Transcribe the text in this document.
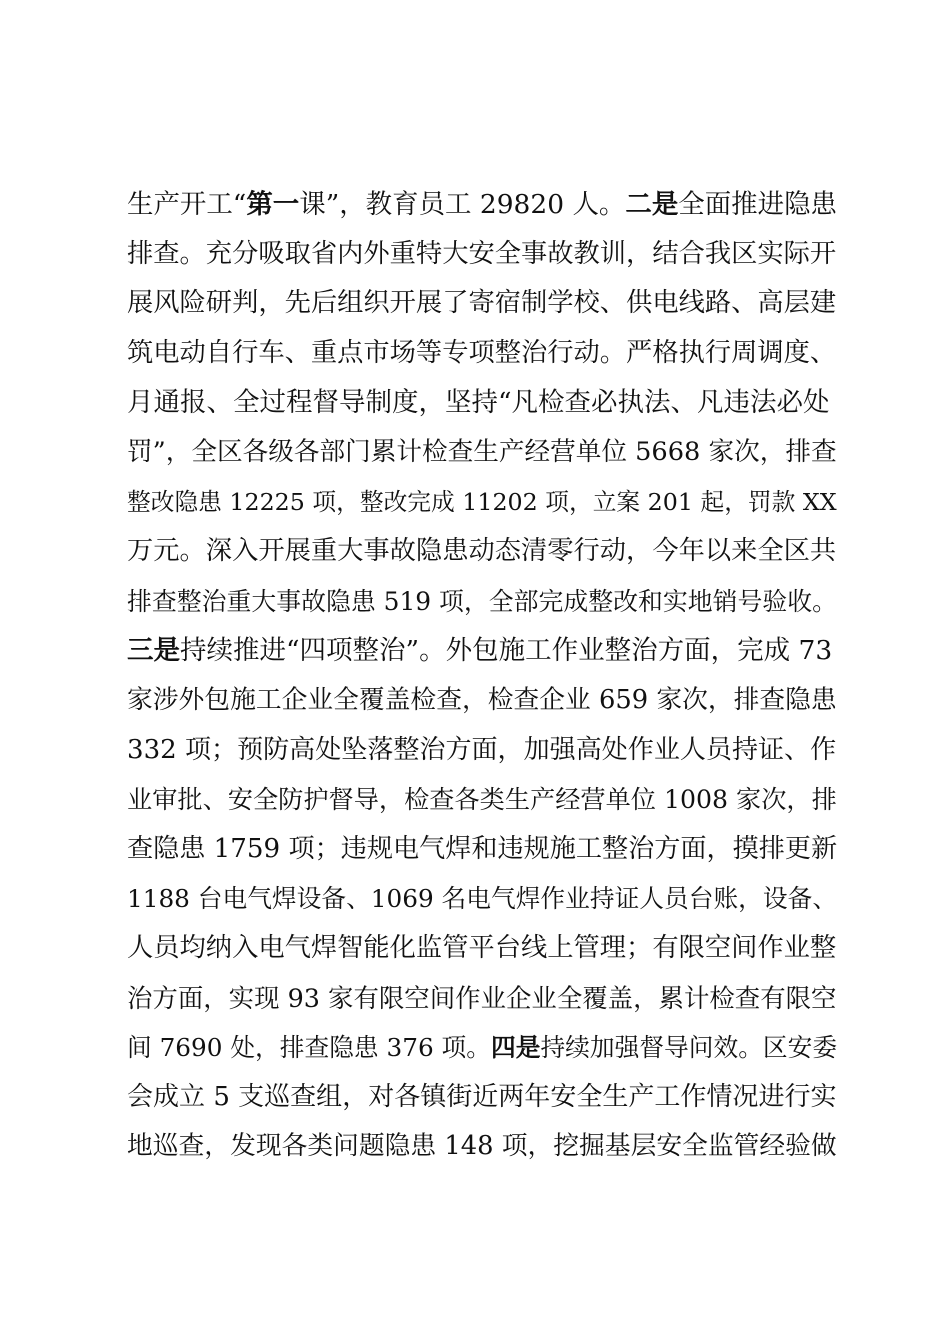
生产开工“第一课”，教育员工 29820 人。二是全面推进隐患
排查。充分吸取省内外重特大安全事故教训，结合我区实际开
展风险研判，先后组织开展了寄宿制学校、供电线路、高层建
筑电动自行车、重点市场等专项整治行动。严格执行周调度、
月通报、全过程督导制度，坚持“凡检查必执法、凡违法必处
罚”，全区各级各部门累计检查生产经营单位 5668 家次，排查
整改隐患 12225 项，整改完成 11202 项，立案 201 起，罚款 XX
万元。深入开展重大事故隐患动态清零行动，今年以来全区共
排查整治重大事故隐患 519 项，全部完成整改和实地销号验收。
三是持续推进“四项整治”。外包施工作业整治方面，完成 73
家涉外包施工企业全覆盖检查，检查企业 659 家次，排查隐患
332 项；预防高处坠落整治方面，加强高处作业人员持证、作
业审批、安全防护督导，检查各类生产经营单位 1008 家次，排
查隐患 1759 项；违规电气焊和违规施工整治方面，摸排更新
1188 台电气焊设备、1069 名电气焊作业持证人员台账，设备、
人员均纳入电气焊智能化监管平台线上管理；有限空间作业整
治方面，实现 93 家有限空间作业企业全覆盖，累计检查有限空
间 7690 处，排查隐患 376 项。四是持续加强督导问效。区安委
会成立 5 支巡查组，对各镇街近两年安全生产工作情况进行实
地巡查，发现各类问题隐患 148 项，挖掘基层安全监管经验做
